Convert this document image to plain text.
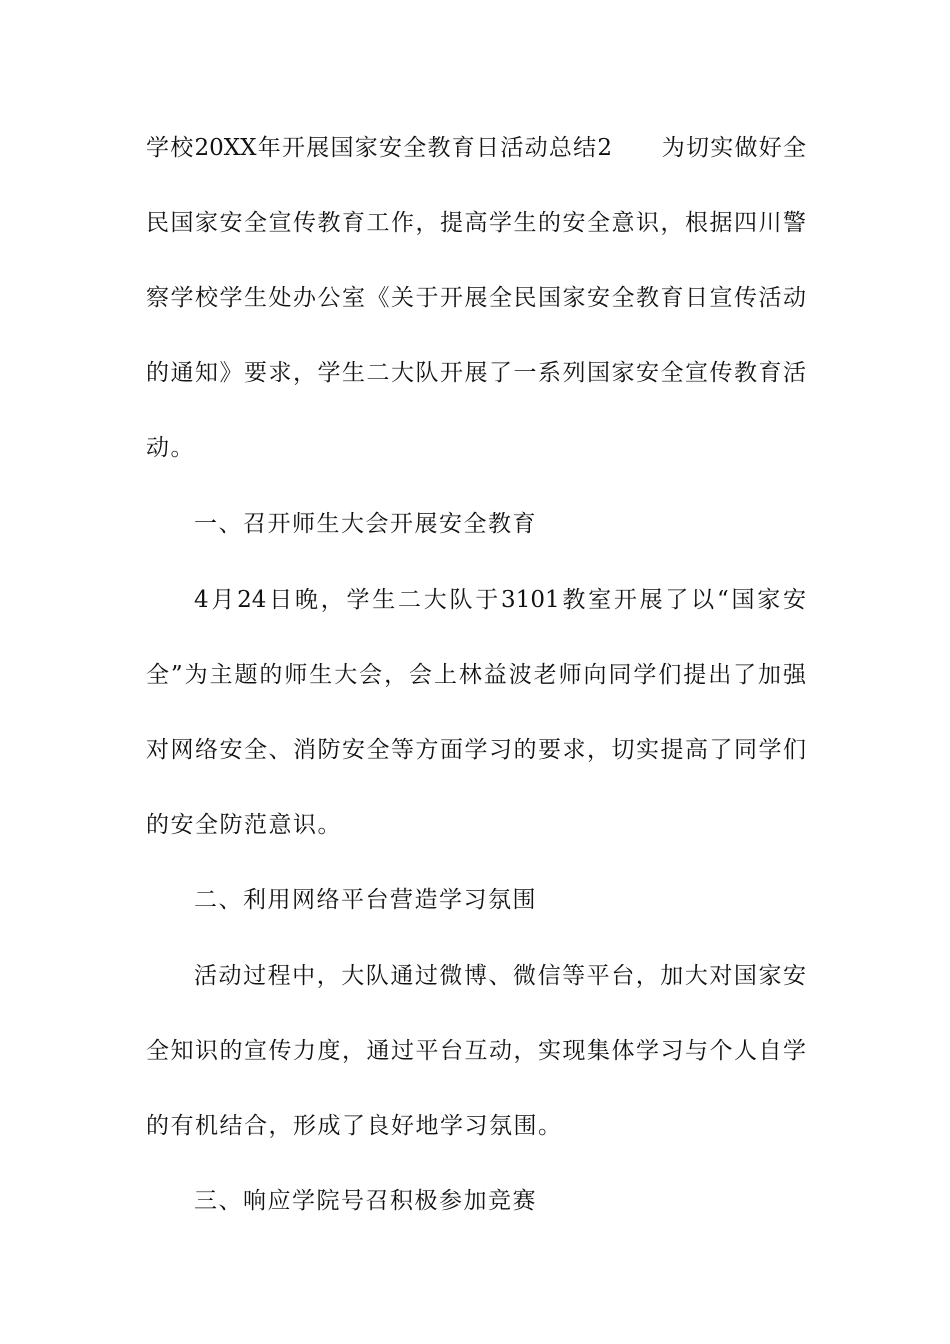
学校20XX年开展国家安全教育日活动总结2　　为切实做好全
民国家安全宣传教育工作，提高学生的安全意识，根据四川警
察学校学生处办公室《关于开展全民国家安全教育日宣传活动
的通知》要求，学生二大队开展了一系列国家安全宣传教育活
动。
一、召开师生大会开展安全教育
4月24日晚，学生二大队于3101教室开展了以“国家安
全”为主题的师生大会，会上林益波老师向同学们提出了加强
对网络安全、消防安全等方面学习的要求，切实提高了同学们
的安全防范意识。
二、利用网络平台营造学习氛围
活动过程中，大队通过微博、微信等平台，加大对国家安
全知识的宣传力度，通过平台互动，实现集体学习与个人自学
的有机结合，形成了良好地学习氛围。
三、响应学院号召积极参加竞赛
